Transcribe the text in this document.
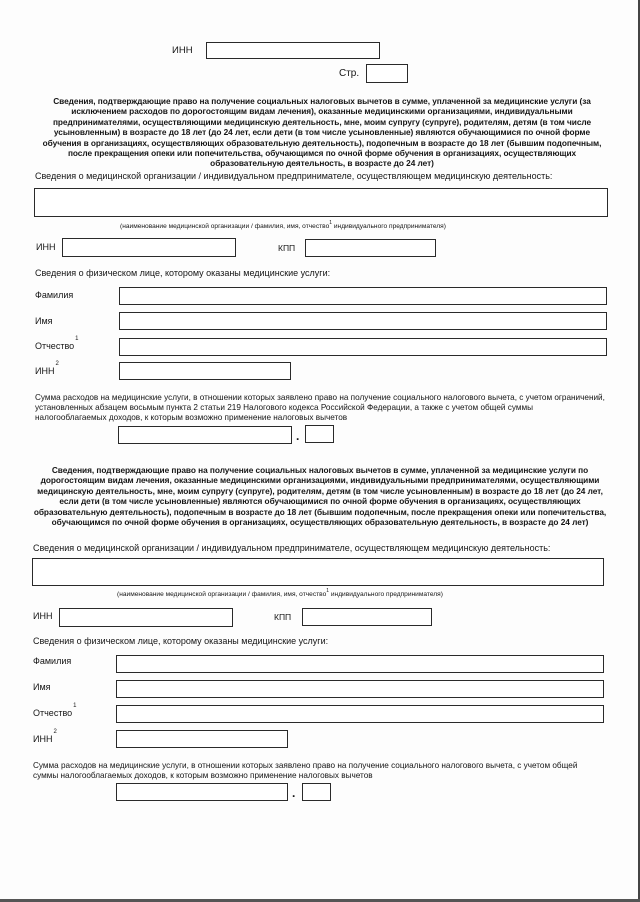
ИНН
Стр.
Сведения, подтверждающие право на получение социальных налоговых вычетов в сумме, уплаченной за медицинские услуги (за исключением расходов по дорогостоящим видам лечения), оказанные медицинскими организациями, индивидуальными предпринимателями, осуществляющими медицинскую деятельность, мне, моим супругу (супруге), родителям, детям (в том числе усыновленным) в возрасте до 18 лет (до 24 лет, если дети (в том числе усыновленные) являются обучающимися по очной форме обучения в организациях, осуществляющих образовательную деятельность), подопечным в возрасте до 18 лет (бывшим подопечным, после прекращения опеки или попечительства, обучающимся по очной форме обучения в организациях, осуществляющих образовательную деятельность, в возрасте до 24 лет)
Сведения о медицинской организации / индивидуальном предпринимателе, осуществляющем медицинскую деятельность:
(наименование медицинской организации / фамилия, имя, отчество$^1$ индивидуального предпринимателя)
ИНН	КПП
Сведения о физическом лице, которому оказаны медицинские услуги:
Фамилия
Имя
Отчество$^1$
ИНН$^2$
Сумма расходов на медицинские услуги, в отношении которых заявлено право на получение социального налогового вычета, с учетом ограничений, установленных абзацем восьмым пункта 2 статьи 219 Налогового кодекса Российской Федерации, а также с учетом общей суммы налогооблагаемых доходов, к которым возможно применение налоговых вычетов
.
Сведения, подтверждающие право на получение социальных налоговых вычетов в сумме, уплаченной за медицинские услуги по дорогостоящим видам лечения, оказанные медицинскими организациями, индивидуальными предпринимателями, осуществляющими медицинскую деятельность, мне, моим супругу (супруге), родителям, детям (в том числе усыновленным) в возрасте до 18 лет (до 24 лет, если дети (в том числе усыновленные) являются обучающимися по очной форме обучения в организациях, осуществляющих образовательную деятельность), подопечным в возрасте до 18 лет (бывшим подопечным, после прекращения опеки или попечительства, обучающимся по очной форме обучения в организациях, осуществляющих образовательную деятельность, в возрасте до 24 лет)
Сведения о медицинской организации / индивидуальном предпринимателе, осуществляющем медицинскую деятельность:
(наименование медицинской организации / фамилия, имя, отчество$^1$ индивидуального предпринимателя)
ИНН	КПП
Сведения о физическом лице, которому оказаны медицинские услуги:
Фамилия
Имя
Отчество$^1$
ИНН$^2$
Сумма расходов на медицинские услуги, в отношении которых заявлено право на получение социального налогового вычета, с учетом общей суммы налогооблагаемых доходов, к которым возможно применение налоговых вычетов
.
